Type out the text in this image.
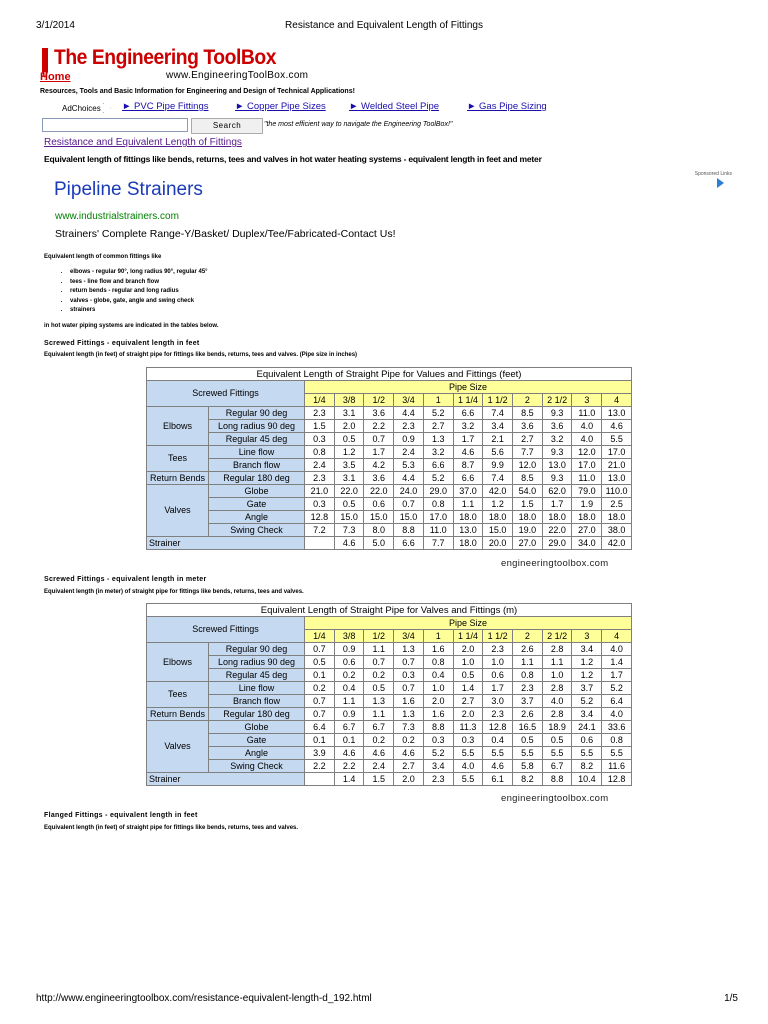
3/1/2014	Resistance and Equivalent Length of Fittings
http://www.engineeringtoolbox.com/resistance-equivalent-length-d_192.html	1/5
The Engineering ToolBox
Home	www.EngineeringToolBox.com
Resources, Tools and Basic Information for Engineering and Design of Technical Applications!
AdChoices ► PVC Pipe Fittings	► Copper Pipe Sizes ► Welded Steel Pipe	► Gas Pipe Sizing
Search	"the most efficient way to navigate the Engineering ToolBox!"
Resistance and Equivalent Length of Fittings
Equivalent length of fittings like bends, returns, tees and valves in hot water heating systems - equivalent length in feet and meter
Sponsored Links
Pipeline Strainers
www.industrialstrainers.com
Strainers' Complete Range-Y/Basket/ Duplex/Tee/Fabricated-Contact Us!
Equivalent length of common fittings like
• elbows - regular 90°, long radius 90°, regular 45°
• tees - line flow and branch flow
• return bends - regular and long radius
• valves - globe, gate, angle and swing check
• strainers
in hot water piping systems are indicated in the tables below.
Screwed Fittings - equivalent length in feet
Equivalent length (in feet) of straight pipe for fittings like bends, returns, tees and valves. (Pipe size in inches)
Equivalent Length of Straight Pipe for Values and Fittings (feet)												
Screwed Fittings		Pipe Size										
		1/4	3/8	1/2	3/4	1	1 1/4	1 1/2	2	2 1/2	3	4
Elbows	Regular 90 deg	2.3	3.1	3.6	4.4	5.2	6.6	7.4	8.5	9.3	11.0	13.0
	Long radius 90 deg	1.5	2.0	2.2	2.3	2.7	3.2	3.4	3.6	3.6	4.0	4.6
	Regular 45 deg	0.3	0.5	0.7	0.9	1.3	1.7	2.1	2.7	3.2	4.0	5.5
Tees	Line flow	0.8	1.2	1.7	2.4	3.2	4.6	5.6	7.7	9.3	12.0	17.0
	Branch flow	2.4	3.5	4.2	5.3	6.6	8.7	9.9	12.0	13.0	17.0	21.0
Return Bends	Regular 180 deg	2.3	3.1	3.6	4.4	5.2	6.6	7.4	8.5	9.3	11.0	13.0
Valves	Globe	21.0	22.0	22.0	24.0	29.0	37.0	42.0	54.0	62.0	79.0	110.0
	Gate	0.3	0.5	0.6	0.7	0.8	1.1	1.2	1.5	1.7	1.9	2.5
	Angle	12.8	15.0	15.0	15.0	17.0	18.0	18.0	18.0	18.0	18.0	18.0
	Swing Check	7.2	7.3	8.0	8.8	11.0	13.0	15.0	19.0	22.0	27.0	38.0
Strainer			4.6	5.0	6.6	7.7	18.0	20.0	27.0	29.0	34.0	42.0
engineeringtoolbox.com
Screwed Fittings - equivalent length in meter
Equivalent length (in meter) of straight pipe for fittings like bends, returns, tees and valves.
Equivalent Length of Straight Pipe for Valves and Fittings (m)												
Screwed Fittings		Pipe Size										
		1/4	3/8	1/2	3/4	1	1 1/4	1 1/2	2	2 1/2	3	4
Elbows	Regular 90 deg	0.7	0.9	1.1	1.3	1.6	2.0	2.3	2.6	2.8	3.4	4.0
	Long radius 90 deg	0.5	0.6	0.7	0.7	0.8	1.0	1.0	1.1	1.1	1.2	1.4
	Regular 45 deg	0.1	0.2	0.2	0.3	0.4	0.5	0.6	0.8	1.0	1.2	1.7
Tees	Line flow	0.2	0.4	0.5	0.7	1.0	1.4	1.7	2.3	2.8	3.7	5.2
	Branch flow	0.7	1.1	1.3	1.6	2.0	2.7	3.0	3.7	4.0	5.2	6.4
Return Bends	Regular 180 deg	0.7	0.9	1.1	1.3	1.6	2.0	2.3	2.6	2.8	3.4	4.0
Valves	Globe	6.4	6.7	6.7	7.3	8.8	11.3	12.8	16.5	18.9	24.1	33.6
	Gate	0.1	0.1	0.2	0.2	0.3	0.3	0.4	0.5	0.5	0.6	0.8
	Angle	3.9	4.6	4.6	4.6	5.2	5.5	5.5	5.5	5.5	5.5	5.5
	Swing Check	2.2	2.2	2.4	2.7	3.4	4.0	4.6	5.8	6.7	8.2	11.6
Strainer			1.4	1.5	2.0	2.3	5.5	6.1	8.2	8.8	10.4	12.8
engineeringtoolbox.com
Flanged Fittings - equivalent length in feet
Equivalent length (in feet) of straight pipe for fittings like bends, returns, tees and valves.
